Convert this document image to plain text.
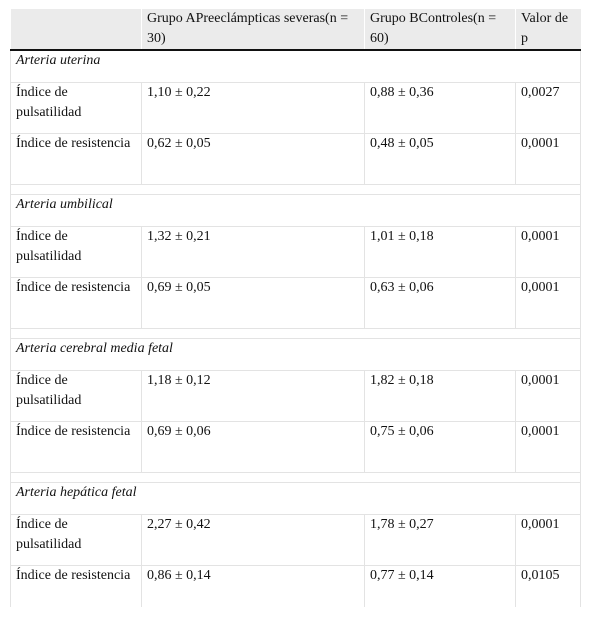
	Grupo APreeclámpticas severas(n = 30)	Grupo BControles(n = 60)	Valor de p
Arteria uterina			
Índice de pulsatilidad	1,10 ± 0,22	0,88 ± 0,36	0,0027
Índice de resistencia	0,62 ± 0,05	0,48 ± 0,05	0,0001

Arteria umbilical			
Índice de pulsatilidad	1,32 ± 0,21	1,01 ± 0,18	0,0001
Índice de resistencia	0,69 ± 0,05	0,63 ± 0,06	0,0001

Arteria cerebral media fetal			
Índice de pulsatilidad	1,18 ± 0,12	1,82 ± 0,18	0,0001
Índice de resistencia	0,69 ± 0,06	0,75 ± 0,06	0,0001

Arteria hepática fetal			
Índice de pulsatilidad	2,27 ± 0,42	1,78 ± 0,27	0,0001
Índice de resistencia	0,86 ± 0,14	0,77 ± 0,14	0,0105
